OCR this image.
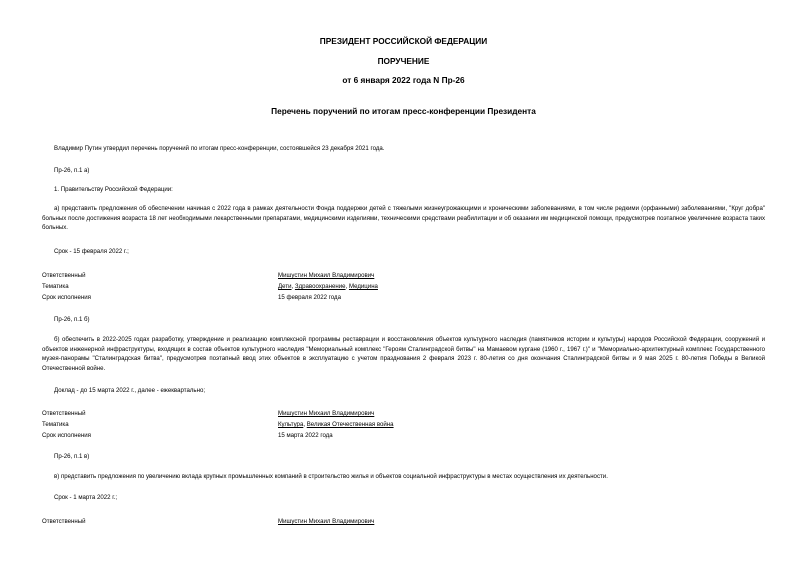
ПРЕЗИДЕНТ РОССИЙСКОЙ ФЕДЕРАЦИИ
ПОРУЧЕНИЕ
от 6 января 2022 года N Пр-26
Перечень поручений по итогам пресс-конференции Президента

Владимир Путин утвердил перечень поручений по итогам пресс-конференции, состоявшейся 23 декабря 2021 года.

Пр-26, п.1 а)

1. Правительству Российской Федерации:

а) представить предложения об обеспечении начиная с 2022 года в рамках деятельности Фонда поддержки детей с тяжелыми жизнеугрожающими и хроническими заболеваниями, в том числе редкими (орфанными) заболеваниями, "Круг добра" больных после достижения возраста 18 лет необходимыми лекарственными препаратами, медицинскими изделиями, техническими средствами реабилитации и об оказании им медицинской помощи, предусмотрев поэтапное увеличение возраста таких больных.

Срок - 15 февраля 2022 г.;

Ответственный	Мишустин Михаил Владимирович
Тематика	Дети, Здравоохранение, Медицина
Срок исполнения	15 февраля 2022 года

Пр-26, п.1 б)

б) обеспечить в 2022-2025 годах разработку, утверждение и реализацию комплексной программы реставрации и восстановления объектов культурного наследия (памятников истории и культуры) народов Российской Федерации, сооружений и объектов инженерной инфраструктуры, входящих в состав объектов культурного наследия "Мемориальный комплекс "Героям Сталинградской битвы" на Мамаевом кургане (1960 г., 1967 г.)" и "Мемориально-архитектурный комплекс Государственного музея-панорамы "Сталинградская битва", предусмотрев поэтапный ввод этих объектов в эксплуатацию с учетом празднования 2 февраля 2023 г. 80-летия со дня окончания Сталинградской битвы и 9 мая 2025 г. 80-летия Победы в Великой Отечественной войне.

Доклад - до 15 марта 2022 г., далее - ежеквартально;

Ответственный	Мишустин Михаил Владимирович
Тематика	Культура, Великая Отечественная война
Срок исполнения	15 марта 2022 года

Пр-26, п.1 в)

в) представить предложения по увеличению вклада крупных промышленных компаний в строительство жилья и объектов социальной инфраструктуры в местах осуществления их деятельности.

Срок - 1 марта 2022 г.;

Ответственный	Мишустин Михаил Владимирович
